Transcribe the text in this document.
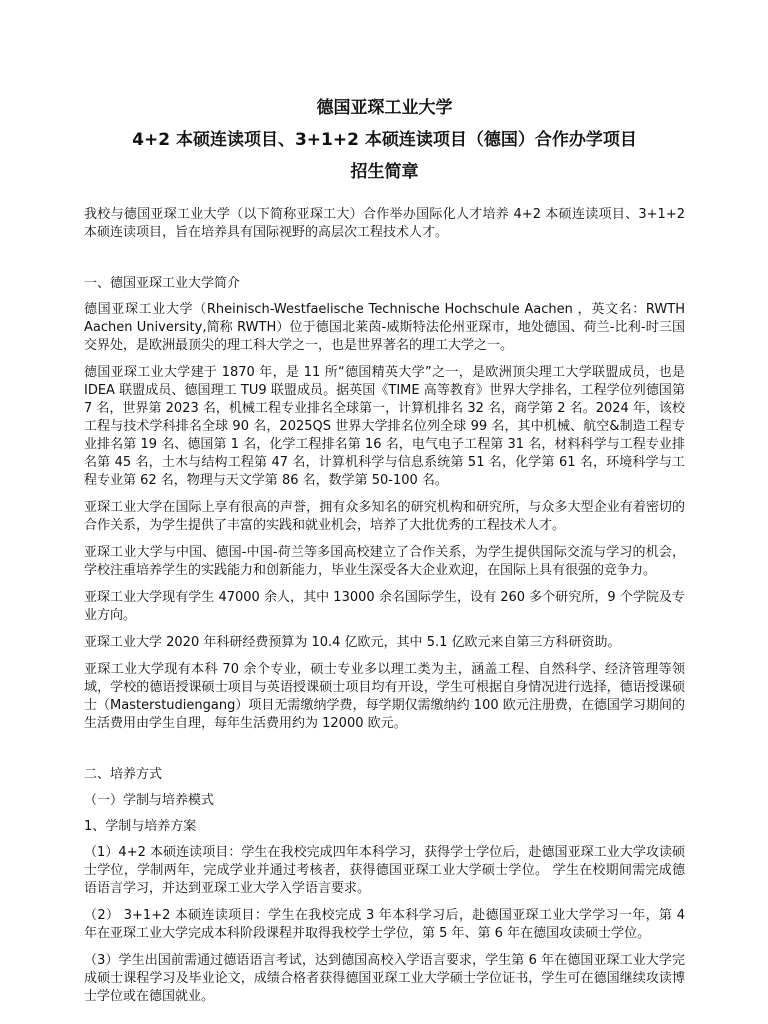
德国亚琛工业大学
4+2 本硕连读项目、3+1+2 本硕连读项目（德国）合作办学项目
招生简章

我校与德国亚琛工业大学（以下简称亚琛工大）合作举办国际化人才培养 4+2 本硕连读项目、3+1+2 本硕连读项目，旨在培养具有国际视野的高层次工程技术人才。

一、德国亚琛工业大学简介

德国亚琛工业大学（Rheinisch-Westfaelische Technische Hochschule Aachen ，英文名：RWTH Aachen University,简称 RWTH）位于德国北莱茵-威斯特法伦州亚琛市，地处德国、荷兰-比利-时三国交界处，是欧洲最顶尖的理工科大学之一，也是世界著名的理工大学之一。

德国亚琛工业大学建于 1870 年，是 11 所“德国精英大学”之一，是欧洲顶尖理工大学联盟成员，也是 IDEA 联盟成员、德国理工 TU9 联盟成员。据英国《TIME 高等教育》世界大学排名，工程学位列德国第 7 名，世界第 2023 名，机械工程专业排名全球第一，计算机排名 32 名，商学第 2 名。2024 年，该校工程与技术学科排名全球 90 名，2025QS 世界大学排名位列全球 99 名，其中机械、航空&制造工程专业排名第 19 名、德国第 1 名，化学工程排名第 16 名，电气电子工程第 31 名，材料科学与工程专业排名第 45 名，土木与结构工程第 47 名，计算机科学与信息系统第 51 名，化学第 61 名，环境科学与工程专业第 62 名，物理与天文学第 86 名，数学第 50-100 名。

亚琛工业大学在国际上享有很高的声誉，拥有众多知名的研究机构和研究所，与众多大型企业有着密切的合作关系，为学生提供了丰富的实践和就业机会，培养了大批优秀的工程技术人才。

亚琛工业大学与中国、德国-中国-荷兰等多国高校建立了合作关系，为学生提供国际交流与学习的机会，学校注重培养学生的实践能力和创新能力，毕业生深受各大企业欢迎，在国际上具有很强的竞争力。

亚琛工业大学现有学生 47000 余人，其中 13000 余名国际学生，设有 260 多个研究所，9 个学院及专业方向。

亚琛工业大学 2020 年科研经费预算为 10.4 亿欧元，其中 5.1 亿欧元来自第三方科研资助。

亚琛工业大学现有本科 70 余个专业，硕士专业多以理工类为主，涵盖工程、自然科学、经济管理等领域，学校的德语授课硕士项目与英语授课硕士项目均有开设，学生可根据自身情况进行选择，德语授课硕士（Masterstudiengang）项目无需缴纳学费，每学期仅需缴纳约 100 欧元注册费，在德国学习期间的生活费用由学生自理，每年生活费用约为 12000 欧元。

二、培养方式
（一）学制与培养模式
1、学制与培养方案

（1）4+2 本硕连读项目：学生在我校完成四年本科学习，获得学士学位后，赴德国亚琛工业大学攻读硕士学位，学制两年，完成学业并通过考核者，获得德国亚琛工业大学硕士学位。 学生在校期间需完成德语语言学习，并达到亚琛工业大学入学语言要求。

（2） 3+1+2 本硕连读项目：学生在我校完成 3 年本科学习后，赴德国亚琛工业大学学习一年，第 4 年在亚琛工业大学完成本科阶段课程并取得我校学士学位，第 5 年、第 6 年在德国攻读硕士学位。

（3）学生出国前需通过德语语言考试，达到德国高校入学语言要求，学生第 6 年在德国亚琛工业大学完成硕士课程学习及毕业论文，成绩合格者获得德国亚琛工业大学硕士学位证书，学生可在德国继续攻读博士学位或在德国就业。
